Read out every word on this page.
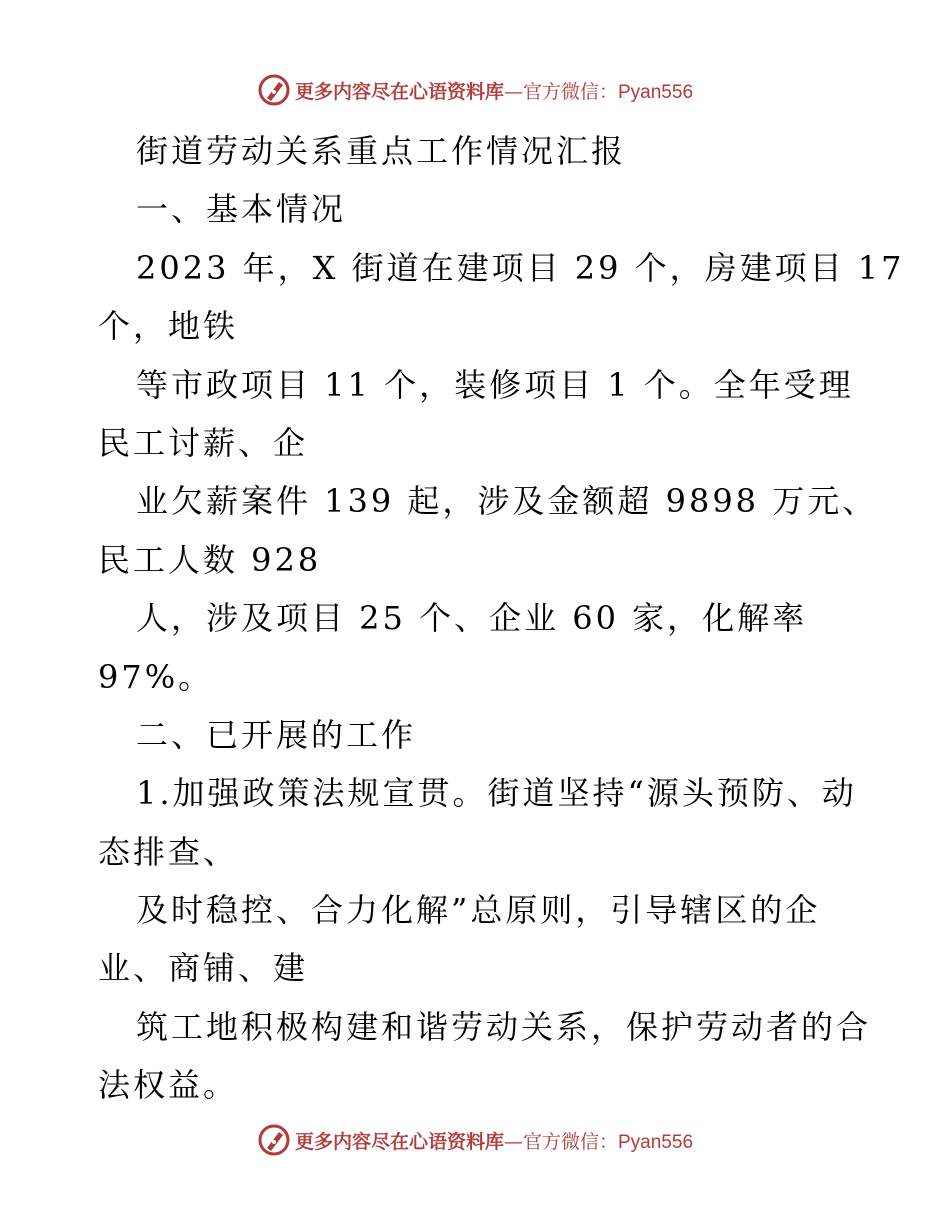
更多内容尽在心语资料库—官方微信：Pyan556
街道劳动关系重点工作情况汇报
一、基本情况
2023 年，X 街道在建项目 29 个，房建项目 17
个，地铁
等市政项目 11 个，装修项目 1 个。全年受理
民工讨薪、企
业欠薪案件 139 起，涉及金额超 9898 万元、
民工人数 928
人，涉及项目 25 个、企业 60 家，化解率
97%。
二、已开展的工作
1.加强政策法规宣贯。街道坚持“源头预防、动
态排查、
及时稳控、合力化解”总原则，引导辖区的企
业、商铺、建
筑工地积极构建和谐劳动关系，保护劳动者的合
法权益。
更多内容尽在心语资料库—官方微信：Pyan556
